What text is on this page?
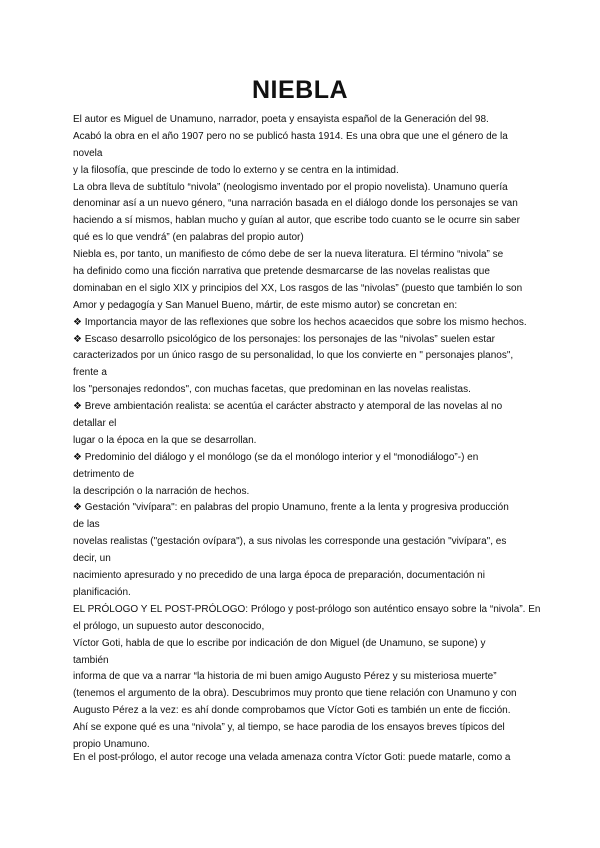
NIEBLA
El autor es Miguel de Unamuno, narrador, poeta y ensayista español de la Generación del 98.
Acabó la obra en el año 1907 pero no se publicó hasta 1914. Es una obra que une el género de la
novela
y la filosofía, que prescinde de todo lo externo y se centra en la intimidad.
La obra lleva de subtítulo “nivola” (neologismo inventado por el propio novelista). Unamuno quería
denominar así a un nuevo género, “una narración basada en el diálogo donde los personajes se van
haciendo a sí mismos, hablan mucho y guían al autor, que escribe todo cuanto se le ocurre sin saber
qué es lo que vendrá” (en palabras del propio autor)
Niebla es, por tanto, un manifiesto de cómo debe de ser la nueva literatura. El término “nivola” se
ha definido como una ficción narrativa que pretende desmarcarse de las novelas realistas que
dominaban en el siglo XIX y principios del XX, Los rasgos de las “nivolas” (puesto que también lo son
Amor y pedagogía y San Manuel Bueno, mártir, de este mismo autor) se concretan en:
❖ Importancia mayor de las reflexiones que sobre los hechos acaecidos que sobre los mismo hechos.
❖ Escaso desarrollo psicológico de los personajes: los personajes de las “nivolas” suelen estar
caracterizados por un único rasgo de su personalidad, lo que los convierte en " personajes planos",
frente a
los "personajes redondos", con muchas facetas, que predominan en las novelas realistas.
❖ Breve ambientación realista: se acentúa el carácter abstracto y atemporal de las novelas al no
detallar el
lugar o la época en la que se desarrollan.
❖ Predominio del diálogo y el monólogo (se da el monólogo interior y el “monodiálogo”-) en
detrimento de
la descripción o la narración de hechos.
❖ Gestación "vivípara": en palabras del propio Unamuno, frente a la lenta y progresiva producción
de las
novelas realistas ("gestación ovípara"), a sus nivolas les corresponde una gestación "vivípara", es
decir, un
nacimiento apresurado y no precedido de una larga época de preparación, documentación ni
planificación.
EL PRÓLOGO Y EL POST-PRÓLOGO: Prólogo y post-prólogo son auténtico ensayo sobre la “nivola”. En
el prólogo, un supuesto autor desconocido,
Víctor Goti, habla de que lo escribe por indicación de don Miguel (de Unamuno, se supone) y
también
informa de que va a narrar “la historia de mi buen amigo Augusto Pérez y su misteriosa muerte”
(tenemos el argumento de la obra). Descubrimos muy pronto que tiene relación con Unamuno y con
Augusto Pérez a la vez: es ahí donde comprobamos que Víctor Goti es también un ente de ficción.
Ahí se expone qué es una “nivola” y, al tiempo, se hace parodia de los ensayos breves típicos del
propio Unamuno.
En el post-prólogo, el autor recoge una velada amenaza contra Víctor Goti: puede matarle, como a
